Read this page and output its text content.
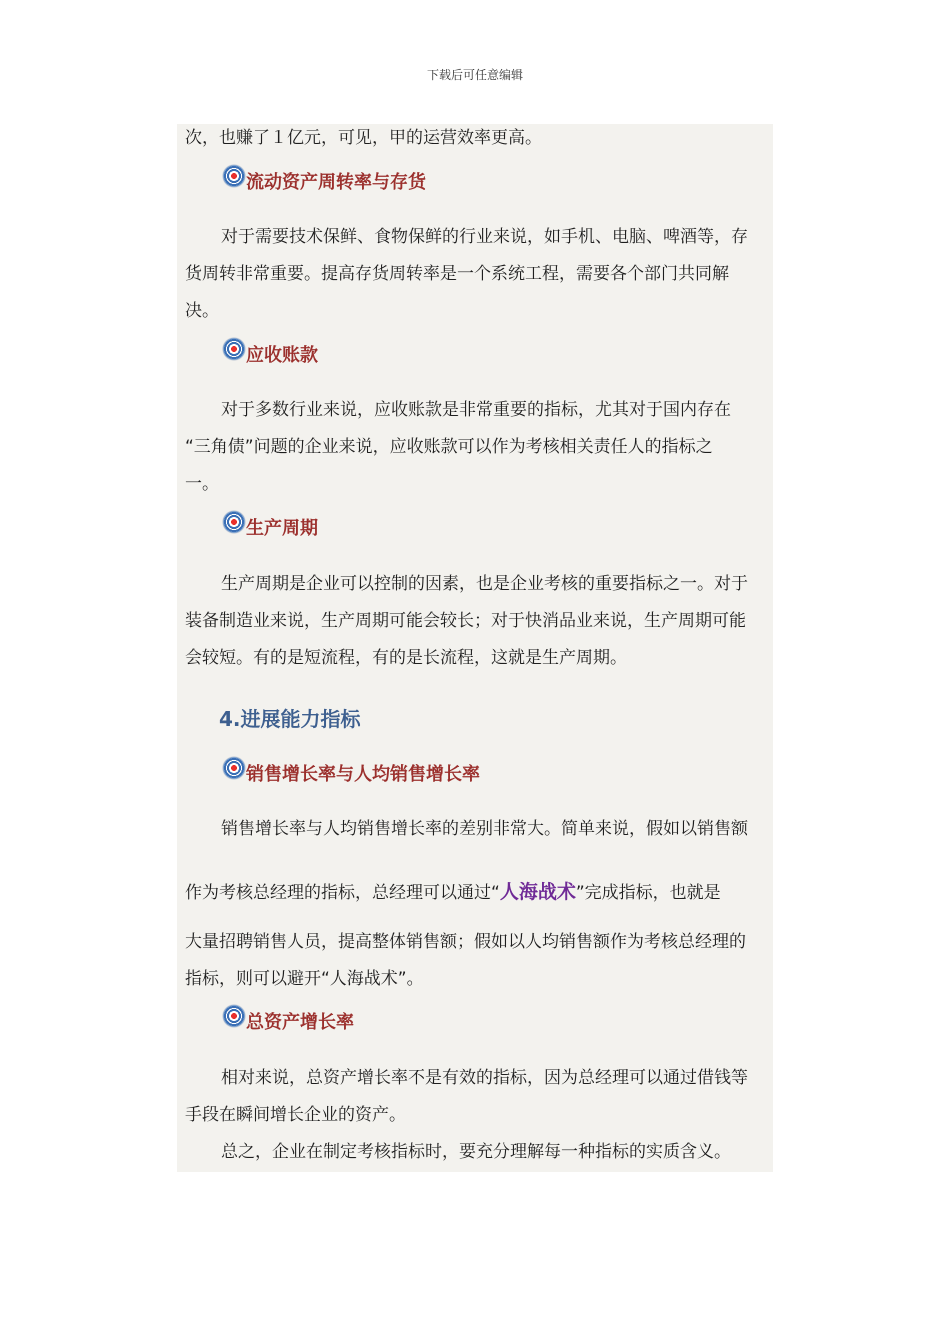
下载后可任意编辑
次，也赚了１亿元，可见，甲的运营效率更高。
流动资产周转率与存货
对于需要技术保鲜、食物保鲜的行业来说，如手机、电脑、啤酒等，存
货周转非常重要。提高存货周转率是一个系统工程，需要各个部门共同解
决。
应收账款
对于多数行业来说，应收账款是非常重要的指标，尤其对于国内存在
“三角债”问题的企业来说，应收账款可以作为考核相关责任人的指标之
一。
生产周期
生产周期是企业可以控制的因素，也是企业考核的重要指标之一。对于
装备制造业来说，生产周期可能会较长；对于快消品业来说，生产周期可能
会较短。有的是短流程，有的是长流程，这就是生产周期。
4.进展能力指标
销售增长率与人均销售增长率
销售增长率与人均销售增长率的差别非常大。简单来说，假如以销售额
作为考核总经理的指标，总经理可以通过“人海战术”完成指标，也就是
大量招聘销售人员，提高整体销售额；假如以人均销售额作为考核总经理的
指标，则可以避开“人海战术”。
总资产增长率
相对来说，总资产增长率不是有效的指标，因为总经理可以通过借钱等
手段在瞬间增长企业的资产。
总之，企业在制定考核指标时，要充分理解每一种指标的实质含义。
